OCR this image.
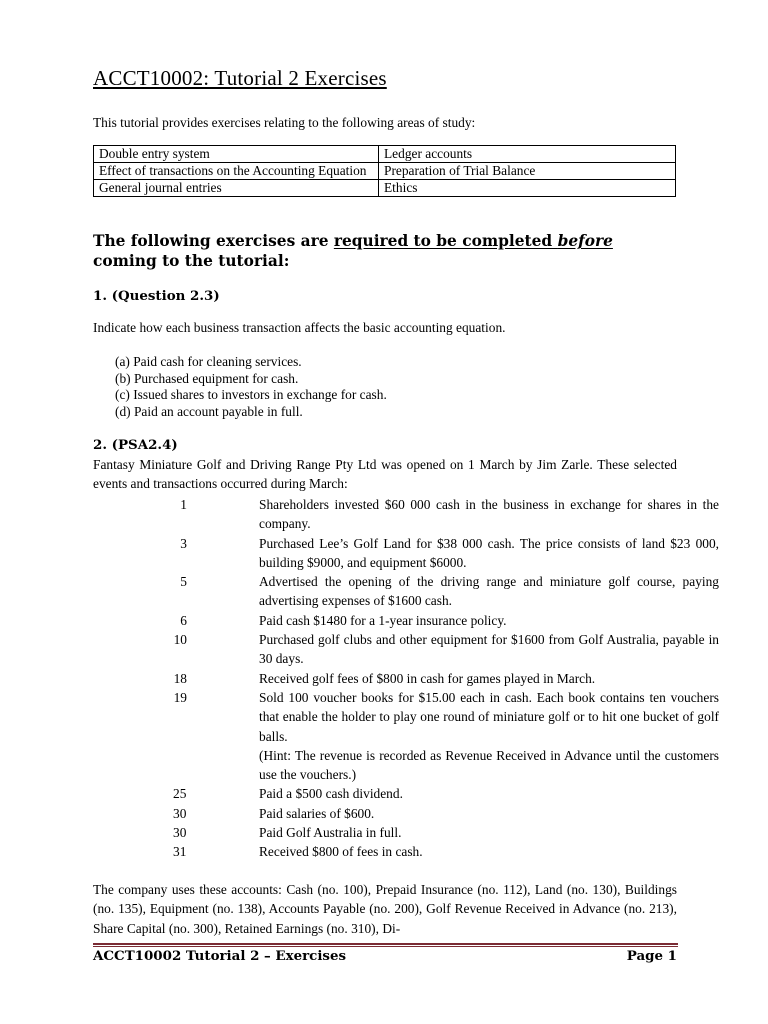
ACCT10002: Tutorial 2 Exercises

This tutorial provides exercises relating to the following areas of study:

Double entry system	Ledger accounts
Effect of transactions on the Accounting Equation	Preparation of Trial Balance
General journal entries	Ethics

The following exercises are required to be completed before coming to the tutorial:

1. (Question 2.3)

Indicate how each business transaction affects the basic accounting equation.

(a) Paid cash for cleaning services.
(b) Purchased equipment for cash.
(c) Issued shares to investors in exchange for cash.
(d) Paid an account payable in full.

2. (PSA2.4)

Fantasy Miniature Golf and Driving Range Pty Ltd was opened on 1 March by Jim Zarle. These selected events and transactions occurred during March:

1	Shareholders invested $60 000 cash in the business in exchange for shares in the company.
3	Purchased Lee’s Golf Land for $38 000 cash. The price consists of land $23 000, building $9000, and equipment $6000.
5	Advertised the opening of the driving range and miniature golf course, paying advertising expenses of $1600 cash.
6	Paid cash $1480 for a 1-year insurance policy.
10	Purchased golf clubs and other equipment for $1600 from Golf Australia, payable in 30 days.
18	Received golf fees of $800 in cash for games played in March.
19	Sold 100 voucher books for $15.00 each in cash. Each book contains ten vouchers that enable the holder to play one round of miniature golf or to hit one bucket of golf balls.
(Hint: The revenue is recorded as Revenue Received in Advance until the customers use the vouchers.)
25	Paid a $500 cash dividend.
30	Paid salaries of $600.
30	Paid Golf Australia in full.
31	Received $800 of fees in cash.

The company uses these accounts: Cash (no. 100), Prepaid Insurance (no. 112), Land (no. 130), Buildings (no. 135), Equipment (no. 138), Accounts Payable (no. 200), Golf Revenue Received in Advance (no. 213), Share Capital (no. 300), Retained Earnings (no. 310), Di-

ACCT10002 Tutorial 2 – Exercises	Page 1
